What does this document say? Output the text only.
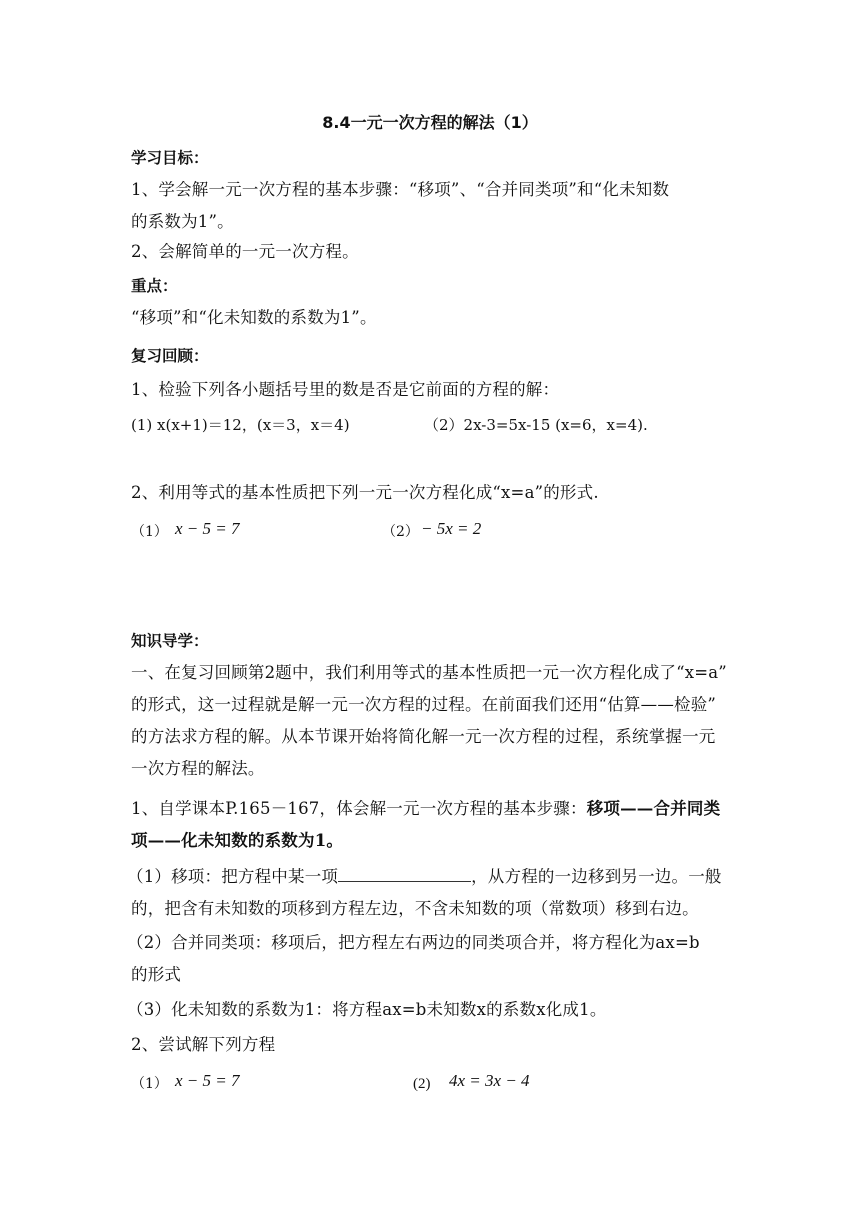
8.4一元一次方程的解法（1）
学习目标：
1、学会解一元一次方程的基本步骤：“移项”、“合并同类项”和“化未知数
的系数为1”。
2、会解简单的一元一次方程。
重点：
“移项”和“化未知数的系数为1”。
复习回顾：
1、检验下列各小题括号里的数是否是它前面的方程的解：
(1) x(x+1)＝12，(x＝3，x＝4)	（2）2x-3=5x-15 (x=6，x=4).
2、利用等式的基本性质把下列一元一次方程化成“x=a”的形式.
（1） x − 5 = 7	（2） − 5x = 2
知识导学：
一、在复习回顾第2题中，我们利用等式的基本性质把一元一次方程化成了“x=a”
的形式，这一过程就是解一元一次方程的过程。在前面我们还用“估算——检验”
的方法求方程的解。从本节课开始将简化解一元一次方程的过程，系统掌握一元
一次方程的解法。
1、自学课本P.165－167，体会解一元一次方程的基本步骤：移项——合并同类
项——化未知数的系数为1。
（1）移项：把方程中某一项	，从方程的一边移到另一边。一般
的，把含有未知数的项移到方程左边，不含未知数的项（常数项）移到右边。
（2）合并同类项：移项后，把方程左右两边的同类项合并，将方程化为ax=b
的形式
（3）化未知数的系数为1：将方程ax=b未知数x的系数x化成1。
2、尝试解下列方程
（1） x − 5 = 7	(2) 4x = 3x − 4
